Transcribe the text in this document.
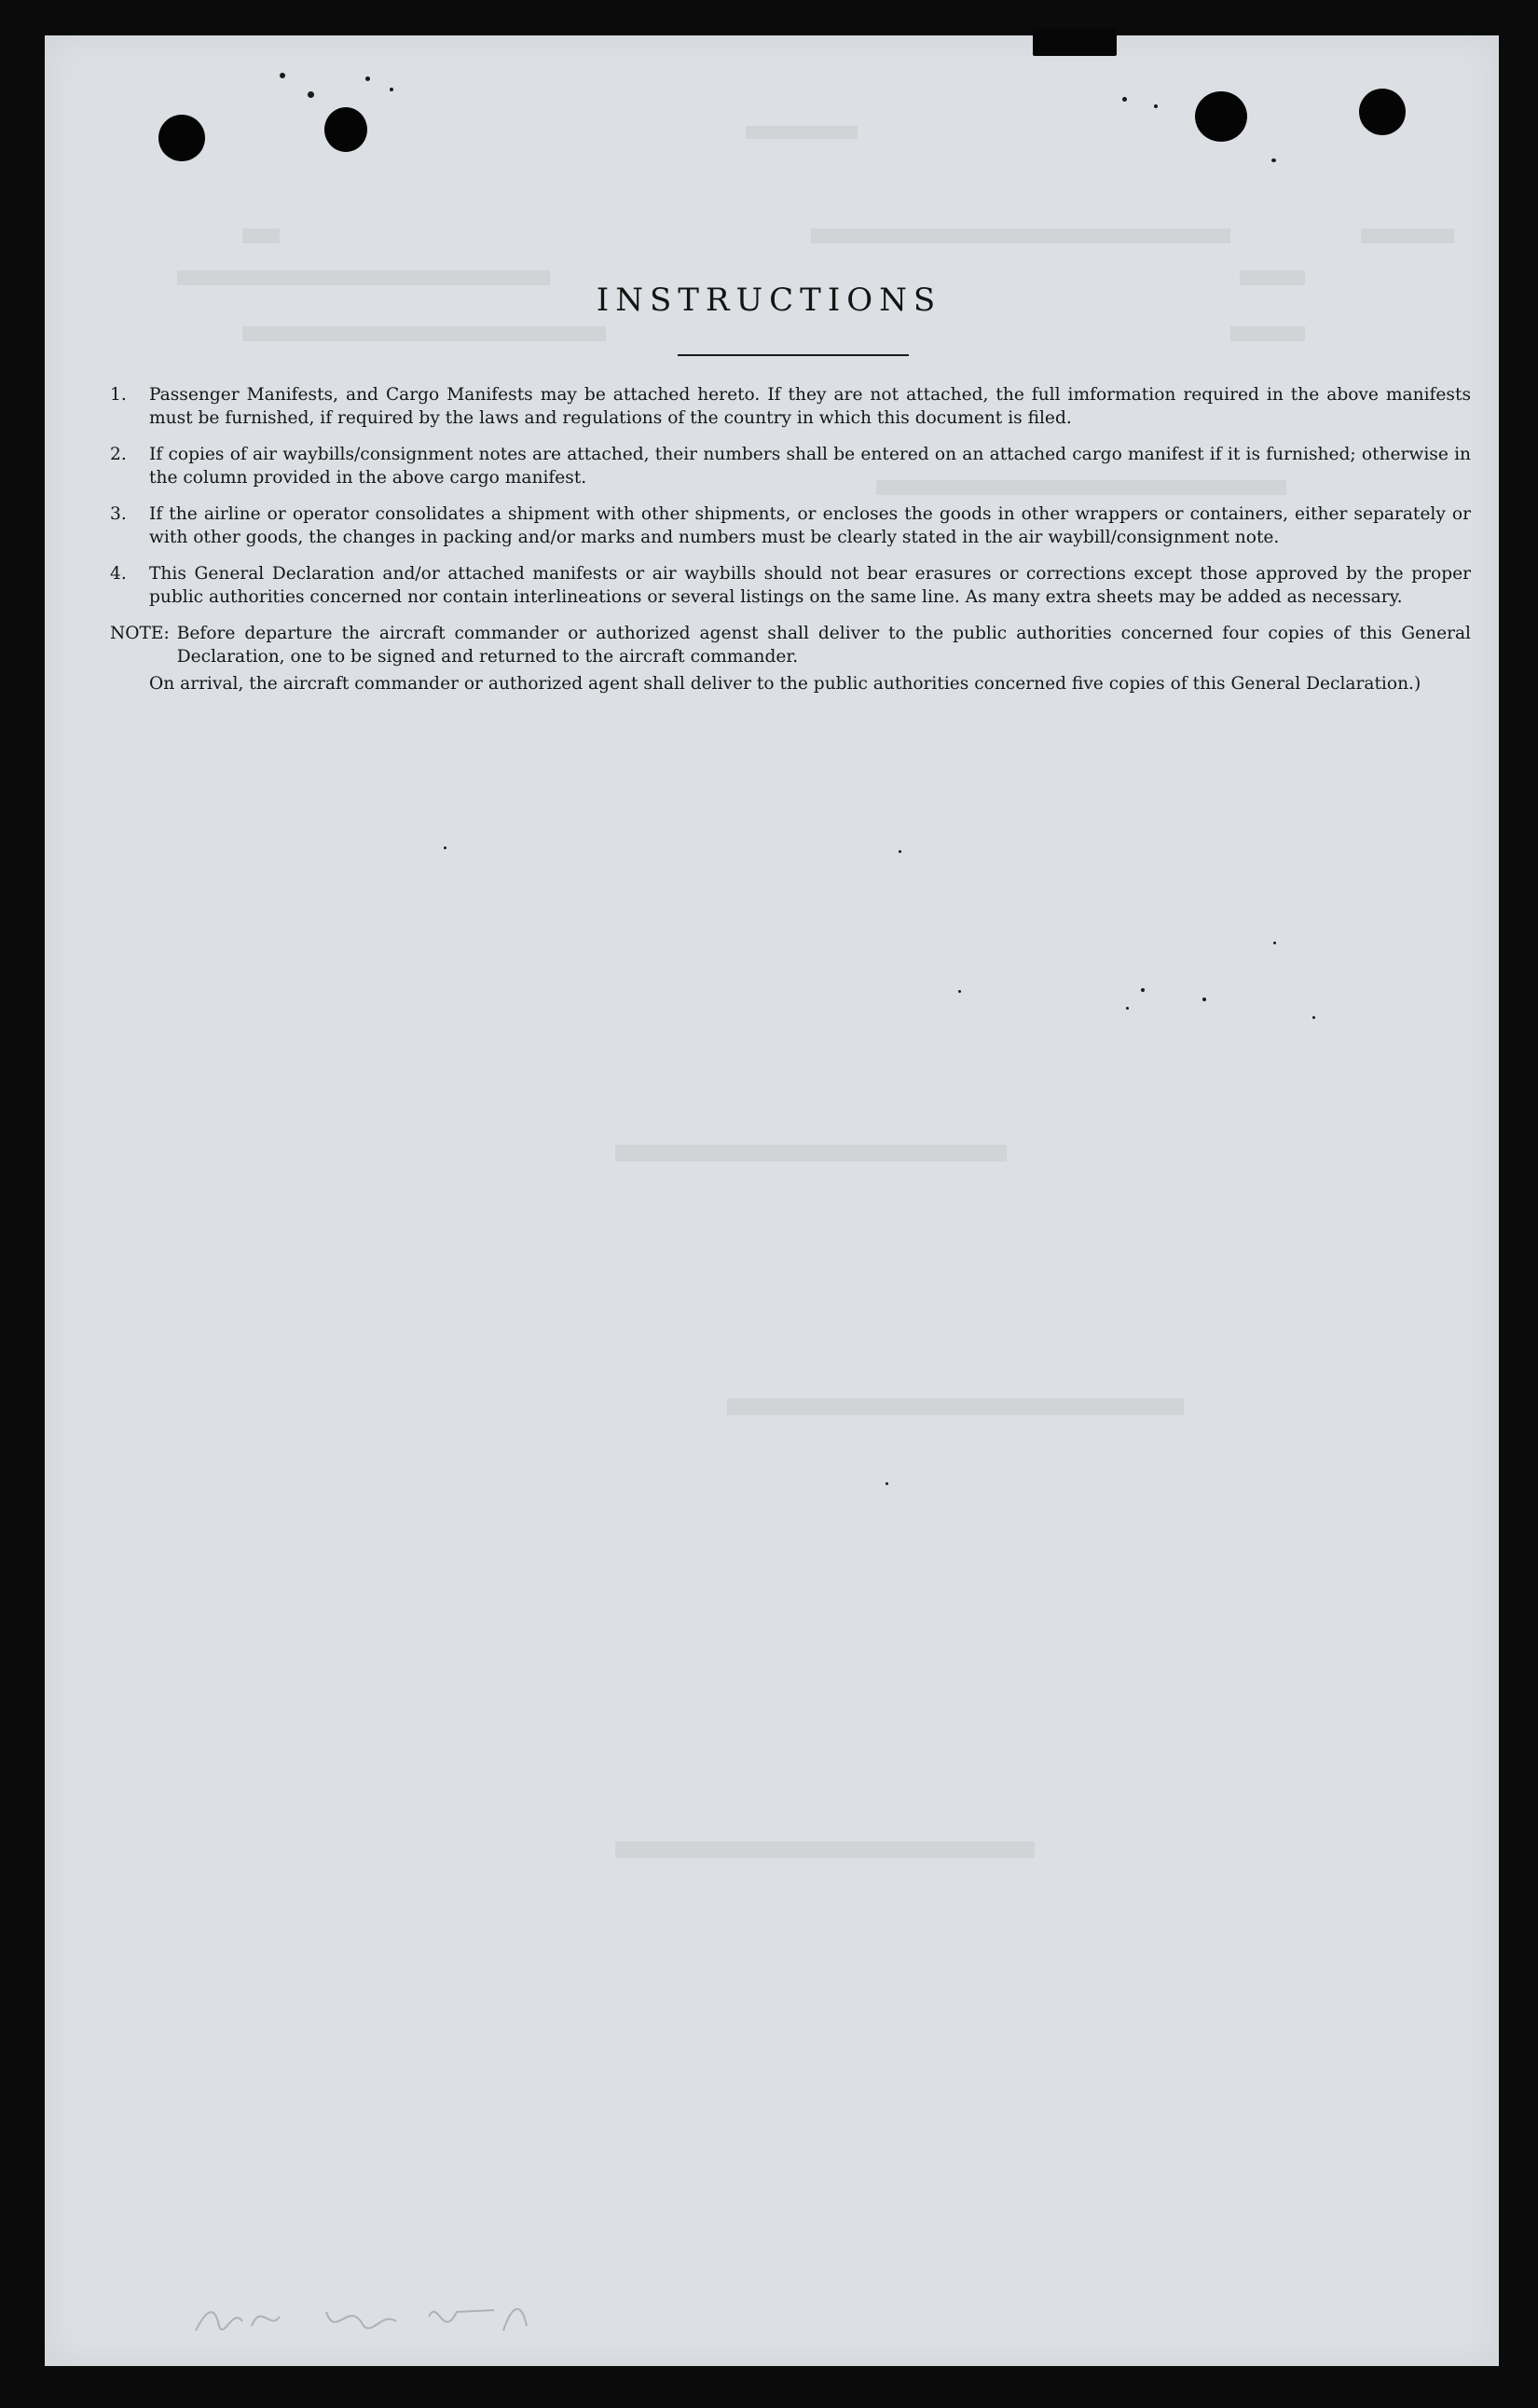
INSTRUCTIONS
1.	Passenger Manifests, and Cargo Manifests may be attached hereto. If they are not attached, the full imformation required in the above manifests must be furnished, if required by the laws and regulations of the country in which this document is filed.
2.	If copies of air waybills/consignment notes are attached, their numbers shall be entered on an attached cargo manifest if it is furnished; otherwise in the column provided in the above cargo manifest.
3.	If the airline or operator consolidates a shipment with other shipments, or encloses the goods in other wrappers or containers, either separately or with other goods, the changes in packing and/or marks and numbers must be clearly stated in the air waybill/consignment note.
4.	This General Declaration and/or attached manifests or air waybills should not bear erasures or corrections except those approved by the proper public authorities concerned nor contain interlineations or several listings on the same line. As many extra sheets may be added as necessary.
NOTE: Before departure the aircraft commander or authorized agenst shall deliver to the public authorities concerned four copies of this General Declaration, one to be signed and returned to the aircraft commander.
On arrival, the aircraft commander or authorized agent shall deliver to the public authorities concerned five copies of this General Declaration.)
